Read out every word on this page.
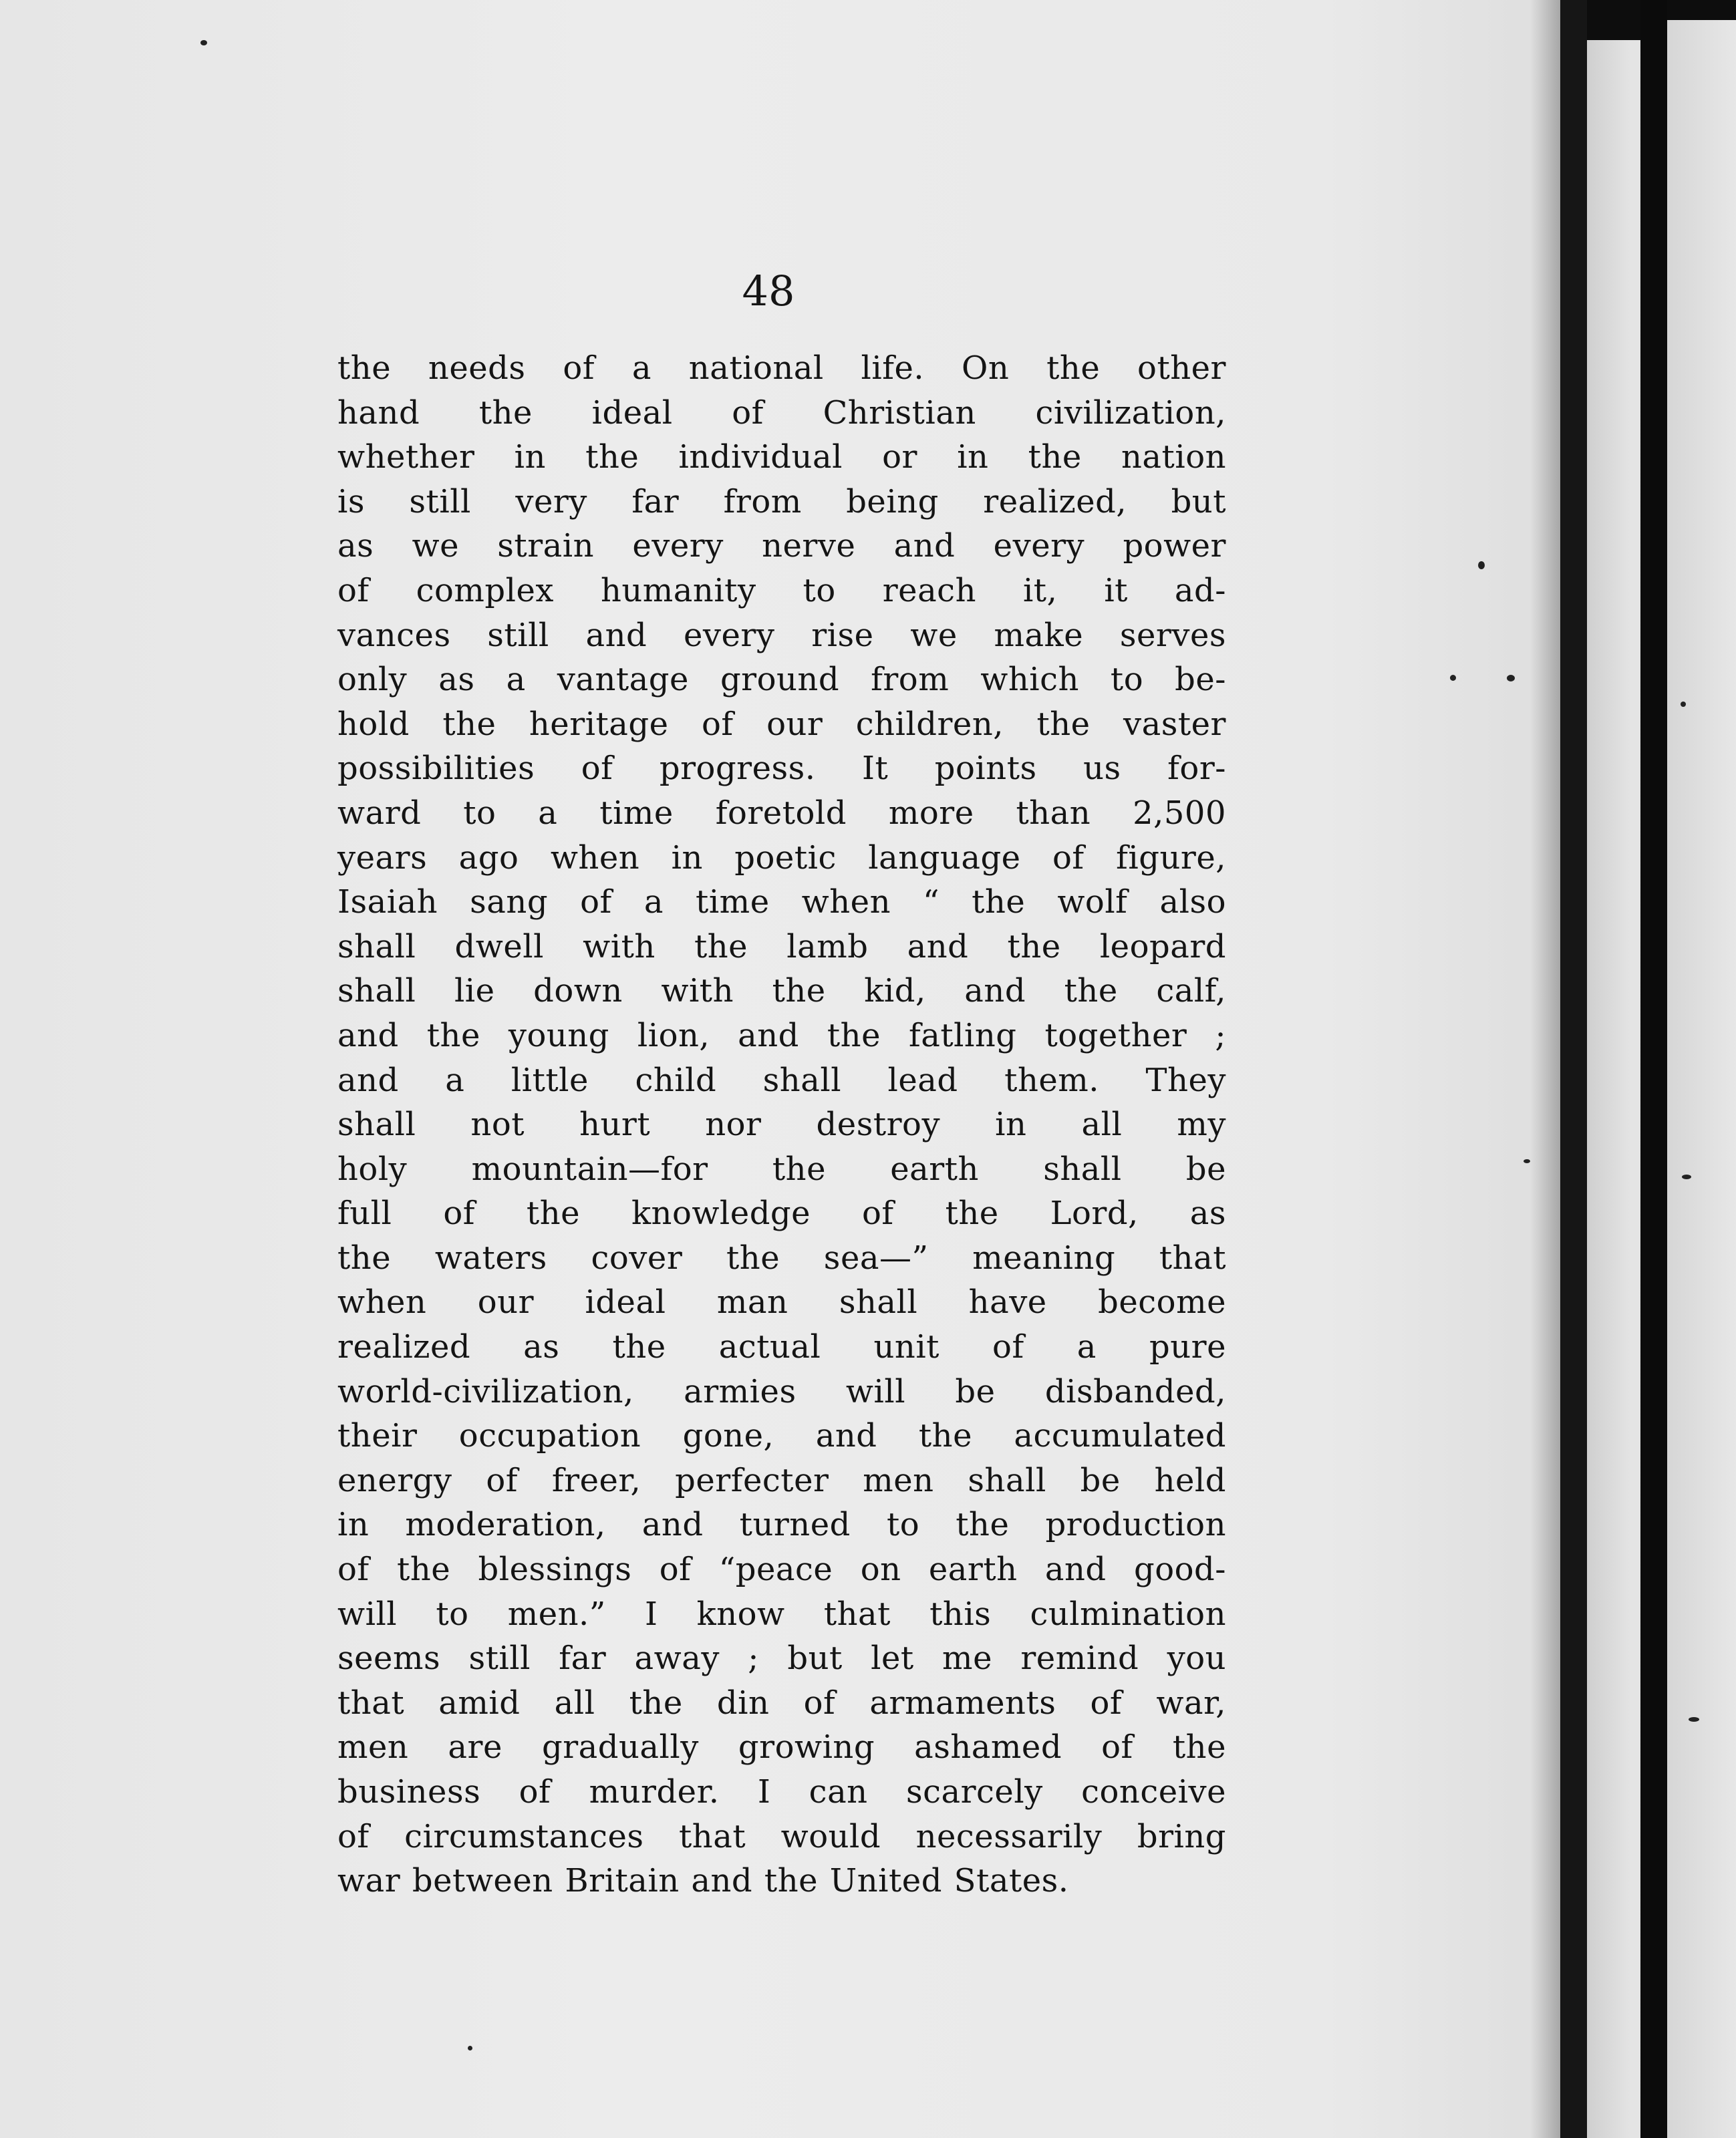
48
the needs of a national life. On the other
hand the ideal of Christian civilization,
whether in the individual or in the nation
is still very far from being realized, but
as we strain every nerve and every power
of complex humanity to reach it, it ad-
vances still and every rise we make serves
only as a vantage ground from which to be-
hold the heritage of our children, the vaster
possibilities of progress. It points us for-
ward to a time foretold more than 2,500
years ago when in poetic language of figure,
Isaiah sang of a time when “ the wolf also
shall dwell with the lamb and the leopard
shall lie down with the kid, and the calf,
and the young lion, and the fatling together ;
and a little child shall lead them. They
shall not hurt nor destroy in all my
holy mountain—for the earth shall be
full of the knowledge of the Lord, as
the waters cover the sea—” meaning that
when our ideal man shall have become
realized as the actual unit of a pure
world-civilization, armies will be disbanded,
their occupation gone, and the accumulated
energy of freer, perfecter men shall be held
in moderation, and turned to the production
of the blessings of “peace on earth and good-
will to men.” I know that this culmination
seems still far away ; but let me remind you
that amid all the din of armaments of war,
men are gradually growing ashamed of the
business of murder. I can scarcely conceive
of circumstances that would necessarily bring
war between Britain and the United States.
